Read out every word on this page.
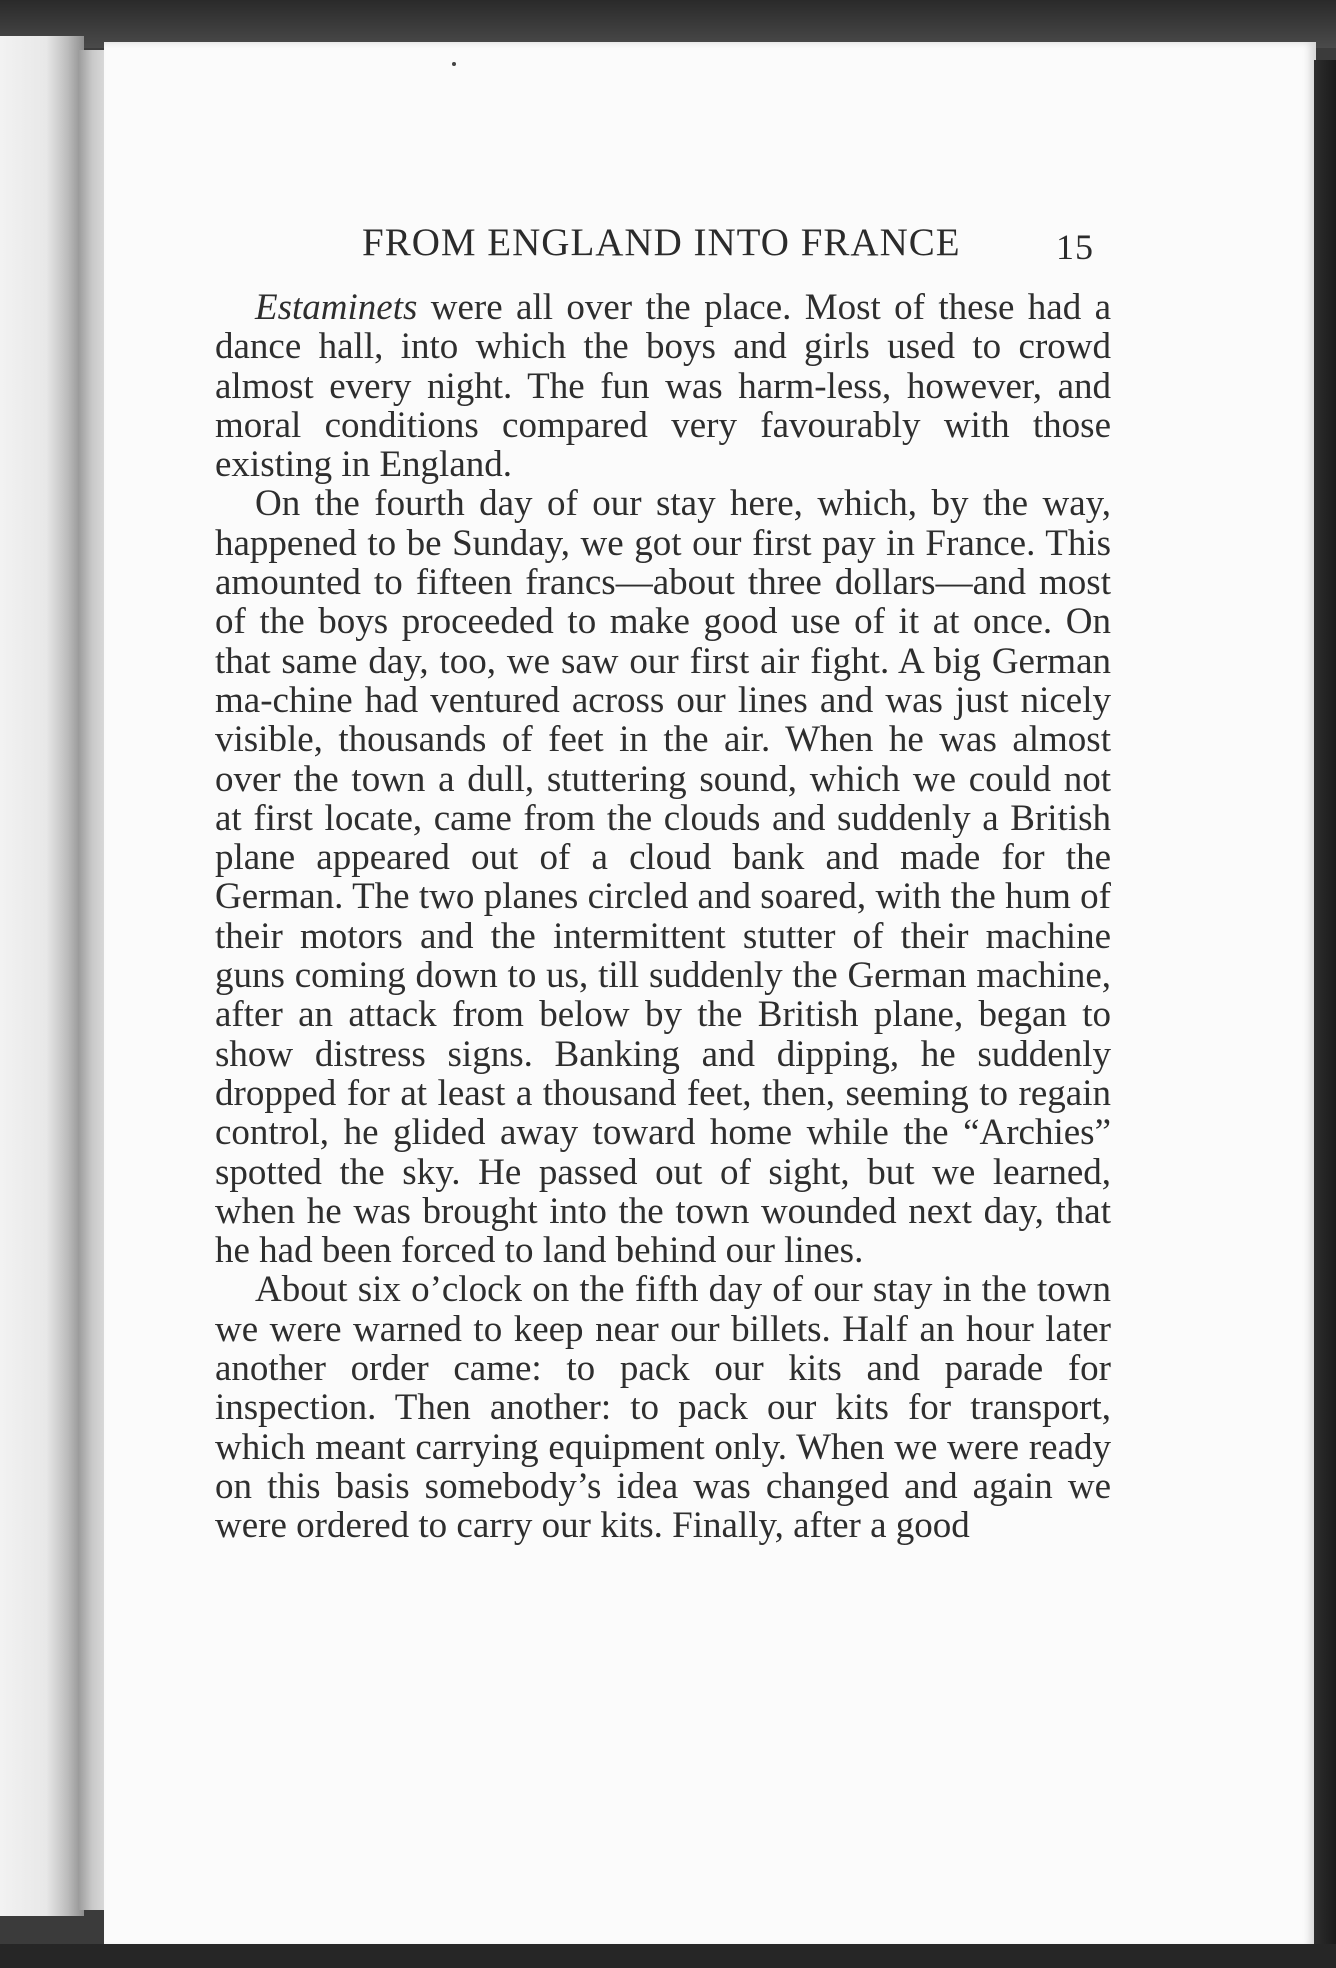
FROM ENGLAND INTO FRANCE	15

Estaminets were all over the place. Most of these had a dance hall, into which the boys and girls used to crowd almost every night. The fun was harm-less, however, and moral conditions compared very favourably with those existing in England.

On the fourth day of our stay here, which, by the way, happened to be Sunday, we got our first pay in France. This amounted to fifteen francs—about three dollars—and most of the boys proceeded to make good use of it at once. On that same day, too, we saw our first air fight. A big German ma-chine had ventured across our lines and was just nicely visible, thousands of feet in the air. When he was almost over the town a dull, stuttering sound, which we could not at first locate, came from the clouds and suddenly a British plane appeared out of a cloud bank and made for the German. The two planes circled and soared, with the hum of their motors and the intermittent stutter of their machine guns coming down to us, till suddenly the German machine, after an attack from below by the British plane, began to show distress signs. Banking and dipping, he suddenly dropped for at least a thousand feet, then, seeming to regain control, he glided away toward home while the “Archies” spotted the sky. He passed out of sight, but we learned, when he was brought into the town wounded next day, that he had been forced to land behind our lines.

About six o’clock on the fifth day of our stay in the town we were warned to keep near our billets. Half an hour later another order came: to pack our kits and parade for inspection. Then another: to pack our kits for transport, which meant carrying equipment only. When we were ready on this basis somebody’s idea was changed and again we were ordered to carry our kits. Finally, after a good
